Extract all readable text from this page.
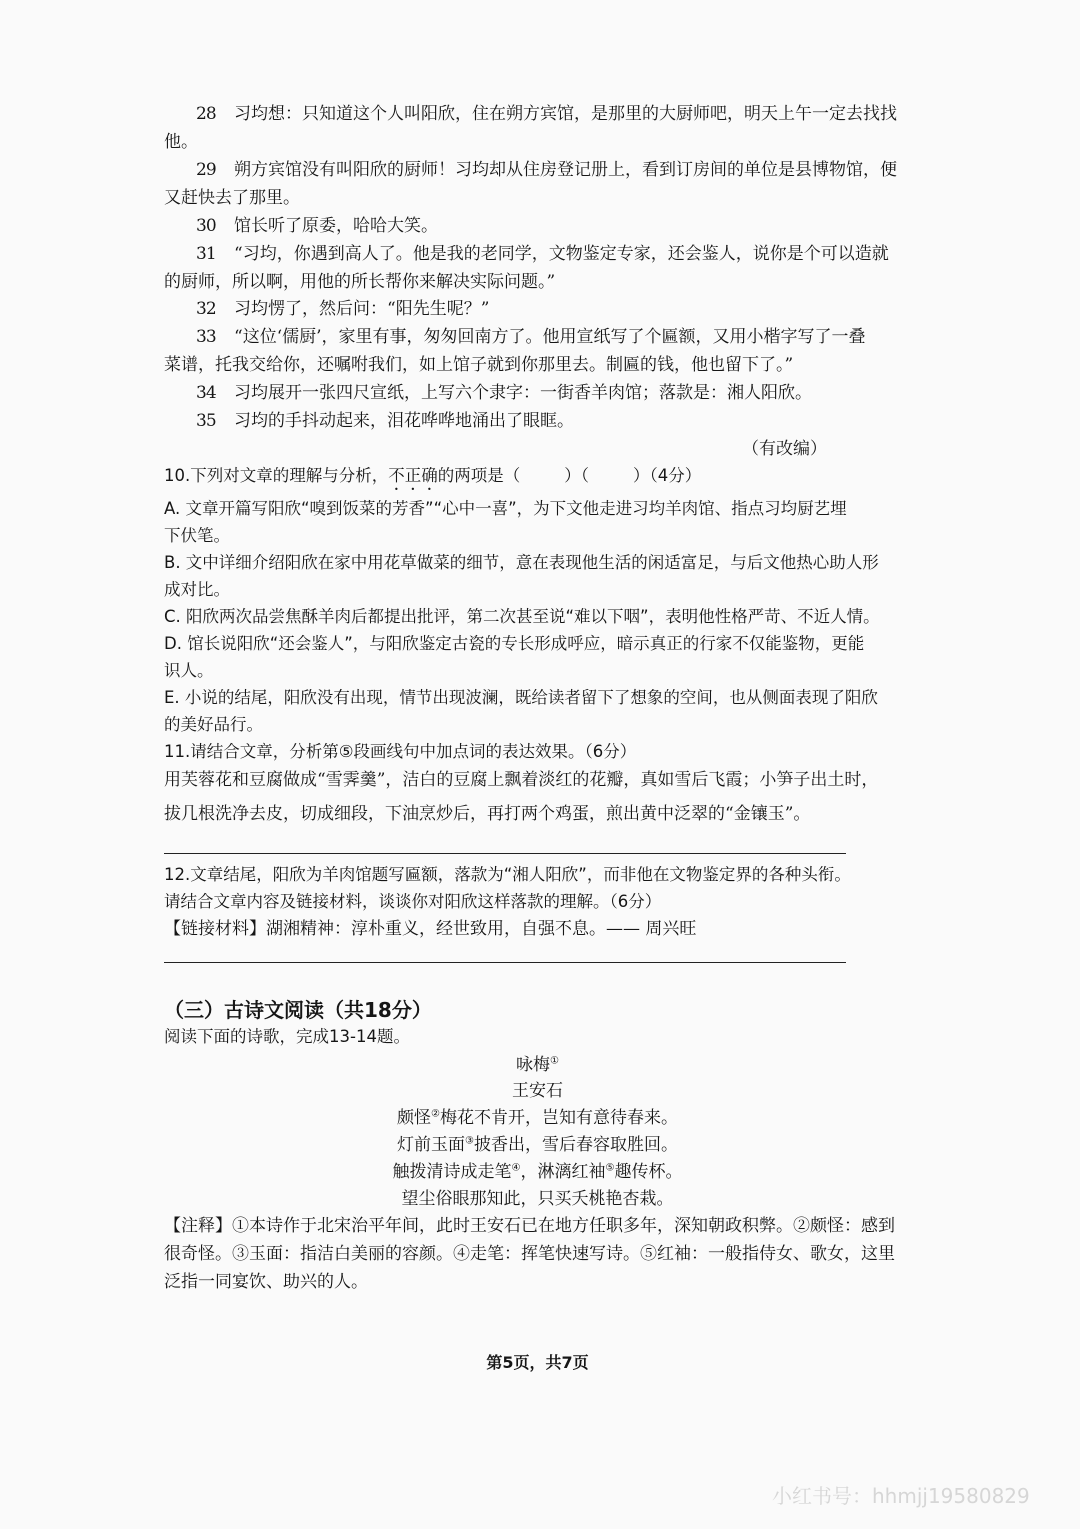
28 习均想：只知道这个人叫阳欣，住在朔方宾馆，是那里的大厨师吧，明天上午一定去找找
他。
29 朔方宾馆没有叫阳欣的厨师！习均却从住房登记册上，看到订房间的单位是县博物馆，便
又赶快去了那里。
30 馆长听了原委，哈哈大笑。
31 “习均，你遇到高人了。他是我的老同学，文物鉴定专家，还会鉴人，说你是个可以造就
的厨师，所以啊，用他的所长帮你来解决实际问题。”
32 习均愣了，然后问：“阳先生呢？”
33 “这位‘儒厨’，家里有事，匆匆回南方了。他用宣纸写了个匾额，又用小楷字写了一叠
菜谱，托我交给你，还嘱咐我们，如上馆子就到你那里去。制匾的钱，他也留下了。”
34 习均展开一张四尺宣纸，上写六个隶字：一街香羊肉馆；落款是：湘人阳欣。
35 习均的手抖动起来，泪花哗哗地涌出了眼眶。
（有改编）
10.下列对文章的理解与分析，不正确的两项是（	）（	）（4分）
A. 文章开篇写阳欣“嗅到饭菜的芳香”“心中一喜”，为下文他走进习均羊肉馆、指点习均厨艺埋
下伏笔。
B. 文中详细介绍阳欣在家中用花草做菜的细节，意在表现他生活的闲适富足，与后文他热心助人形
成对比。
C. 阳欣两次品尝焦酥羊肉后都提出批评，第二次甚至说“难以下咽”，表明他性格严苛、不近人情。
D. 馆长说阳欣“还会鉴人”，与阳欣鉴定古瓷的专长形成呼应，暗示真正的行家不仅能鉴物，更能
识人。
E. 小说的结尾，阳欣没有出现，情节出现波澜，既给读者留下了想象的空间，也从侧面表现了阳欣
的美好品行。
11.请结合文章，分析第⑤段画线句中加点词的表达效果。（6分）
用芙蓉花和豆腐做成“雪霁羹”，洁白的豆腐上飘着淡红的花瓣，真如雪后飞霞；小笋子出土时，
拔几根洗净去皮，切成细段，下油烹炒后，再打两个鸡蛋，煎出黄中泛翠的“金镶玉”。
12.文章结尾，阳欣为羊肉馆题写匾额，落款为“湘人阳欣”，而非他在文物鉴定界的各种头衔。
请结合文章内容及链接材料，谈谈你对阳欣这样落款的理解。（6分）
【链接材料】湖湘精神：淳朴重义，经世致用，自强不息。—— 周兴旺
（三）古诗文阅读（共18分）
阅读下面的诗歌，完成13-14题。
咏梅①
王安石
颇怪②梅花不肯开，岂知有意待春来。
灯前玉面③披香出，雪后春容取胜回。
触拨清诗成走笔④，淋漓红袖⑤趣传杯。
望尘俗眼那知此，只买夭桃艳杏栽。
【注释】①本诗作于北宋治平年间，此时王安石已在地方任职多年，深知朝政积弊。②颇怪：感到
很奇怪。③玉面：指洁白美丽的容颜。④走笔：挥笔快速写诗。⑤红袖：一般指侍女、歌女，这里
泛指一同宴饮、助兴的人。
第5页，共7页
小红书号：hhmjj19580829
